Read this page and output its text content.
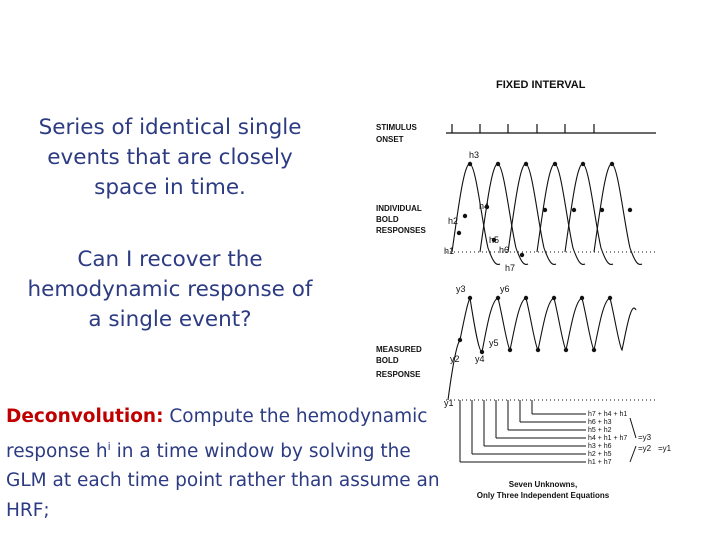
Series of identical single events that are closely space in time.
Can I recover the hemodynamic response of a single event?
Deconvolution: Compute the hemodynamic
response $h^i$ in a time window by solving the GLM at each time point rather than assume an HRF;
FIXED INTERVAL
STIMULUS
ONSET
INDIVIDUAL
BOLD
RESPONSES
MEASURED
BOLD
RESPONSE
h1
h2
h3
h4
h5
h6
h7
y1
y2
y3
y4
y5
y6
h7 + h4 + h1
h6 + h3
h5 + h2
h4 + h1 + h7
h3 + h6
h2 + h5
h1 + h7
=y3
=y2 =y1
Seven Unknowns,
Only Three Independent Equations
